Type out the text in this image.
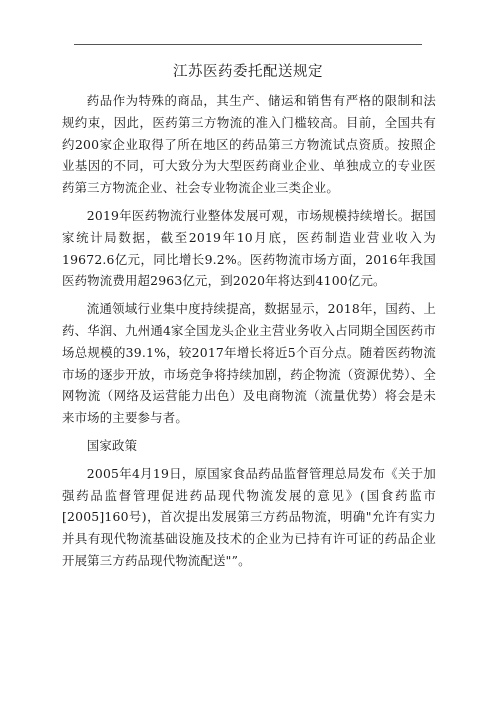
江苏医药委托配送规定

药品作为特殊的商品，其生产、储运和销售有严格的限制和法规约束，因此，医药第三方物流的准入门槛较高。目前，全国共有约200家企业取得了所在地区的药品第三方物流试点资质。按照企业基因的不同，可大致分为大型医药商业企业、单独成立的专业医药第三方物流企业、社会专业物流企业三类企业。

2019年医药物流行业整体发展可观，市场规模持续增长。据国家统计局数据，截至2019年10月底，医药制造业营业收入为19672.6亿元，同比增长9.2%。医药物流市场方面，2016年我国医药物流费用超2963亿元，到2020年将达到4100亿元。

流通领域行业集中度持续提高，数据显示，2018年，国药、上药、华润、九州通4家全国龙头企业主营业务收入占同期全国医药市场总规模的39.1%，较2017年增长将近5个百分点。随着医药物流市场的逐步开放，市场竞争将持续加剧，药企物流（资源优势）、全网物流（网络及运营能力出色）及电商物流（流量优势）将会是未来市场的主要参与者。

国家政策

2005年4月19日，原国家食品药品监督管理总局发布《关于加强药品监督管理促进药品现代物流发展的意见》(国食药监市[2005]160号)，首次提出发展第三方药品物流，明确"允许有实力并具有现代物流基础设施及技术的企业为已持有许可证的药品企业开展第三方药品现代物流配送"”。
